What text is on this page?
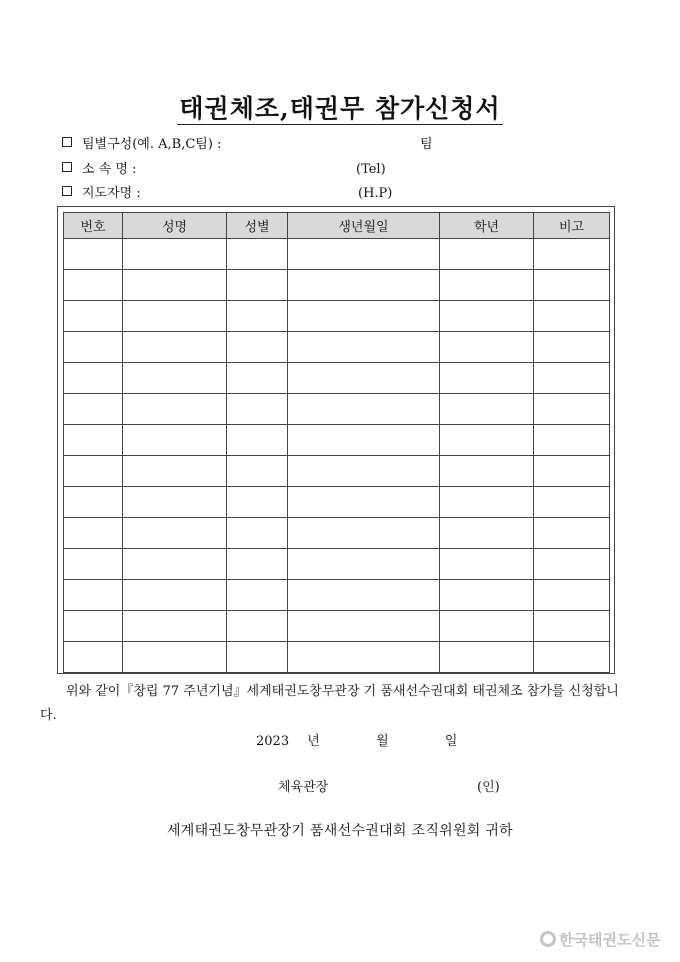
태권체조,태권무 참가신청서
팀별구성(예. A,B,C팀) :	팀
소 속 명 :	(Tel)
지도자명 :	(H.P)
번호	성명	성별	생년월일	학년	비고

위와 같이『창립 77 주년기념』세계태권도창무관장 기 품새선수권대회 태권체조 참가를 신청합니다.
2023 년	월	일
체육관장	(인)
세계태권도창무관장기 품새선수권대회 조직위원회 귀하
한국태권도신문
